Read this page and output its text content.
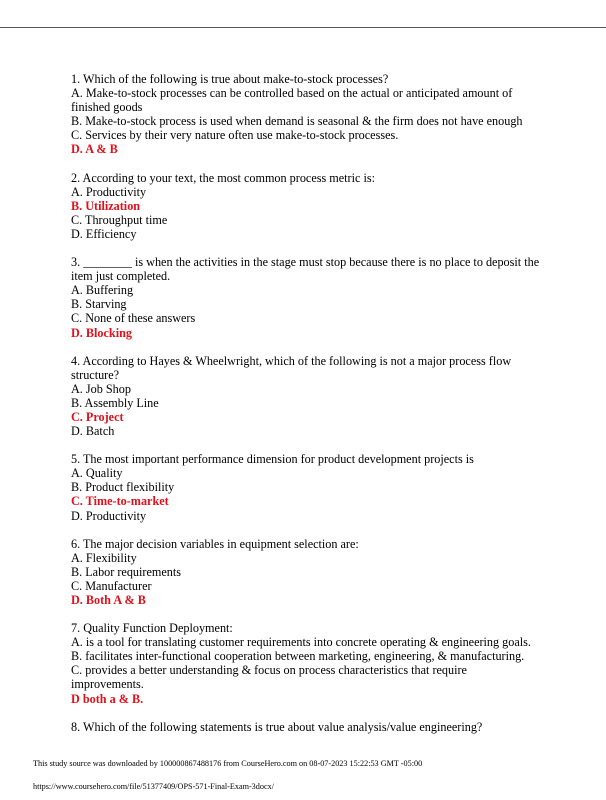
1. Which of the following is true about make-to-stock processes?
A. Make-to-stock processes can be controlled based on the actual or anticipated amount of finished goods
B. Make-to-stock process is used when demand is seasonal & the firm does not have enough
C. Services by their very nature often use make-to-stock processes.
D. A & B
2. According to your text, the most common process metric is:
A. Productivity
B. Utilization
C. Throughput time
D. Efficiency
3. ________ is when the activities in the stage must stop because there is no place to deposit the item just completed.
A. Buffering
B. Starving
C. None of these answers
D. Blocking
4. According to Hayes & Wheelwright, which of the following is not a major process flow structure?
A. Job Shop
B. Assembly Line
C. Project
D. Batch
5. The most important performance dimension for product development projects is
A. Quality
B. Product flexibility
C. Time-to-market
D. Productivity
6. The major decision variables in equipment selection are:
A. Flexibility
B. Labor requirements
C. Manufacturer
D. Both A & B
7. Quality Function Deployment:
A. is a tool for translating customer requirements into concrete operating & engineering goals.
B. facilitates inter-functional cooperation between marketing, engineering, & manufacturing.
C. provides a better understanding & focus on process characteristics that require improvements.
D both a & B.
8. Which of the following statements is true about value analysis/value engineering?
This study source was downloaded by 100000867488176 from CourseHero.com on 08-07-2023 15:22:53 GMT -05:00
https://www.coursehero.com/file/51377409/OPS-571-Final-Exam-3docx/
